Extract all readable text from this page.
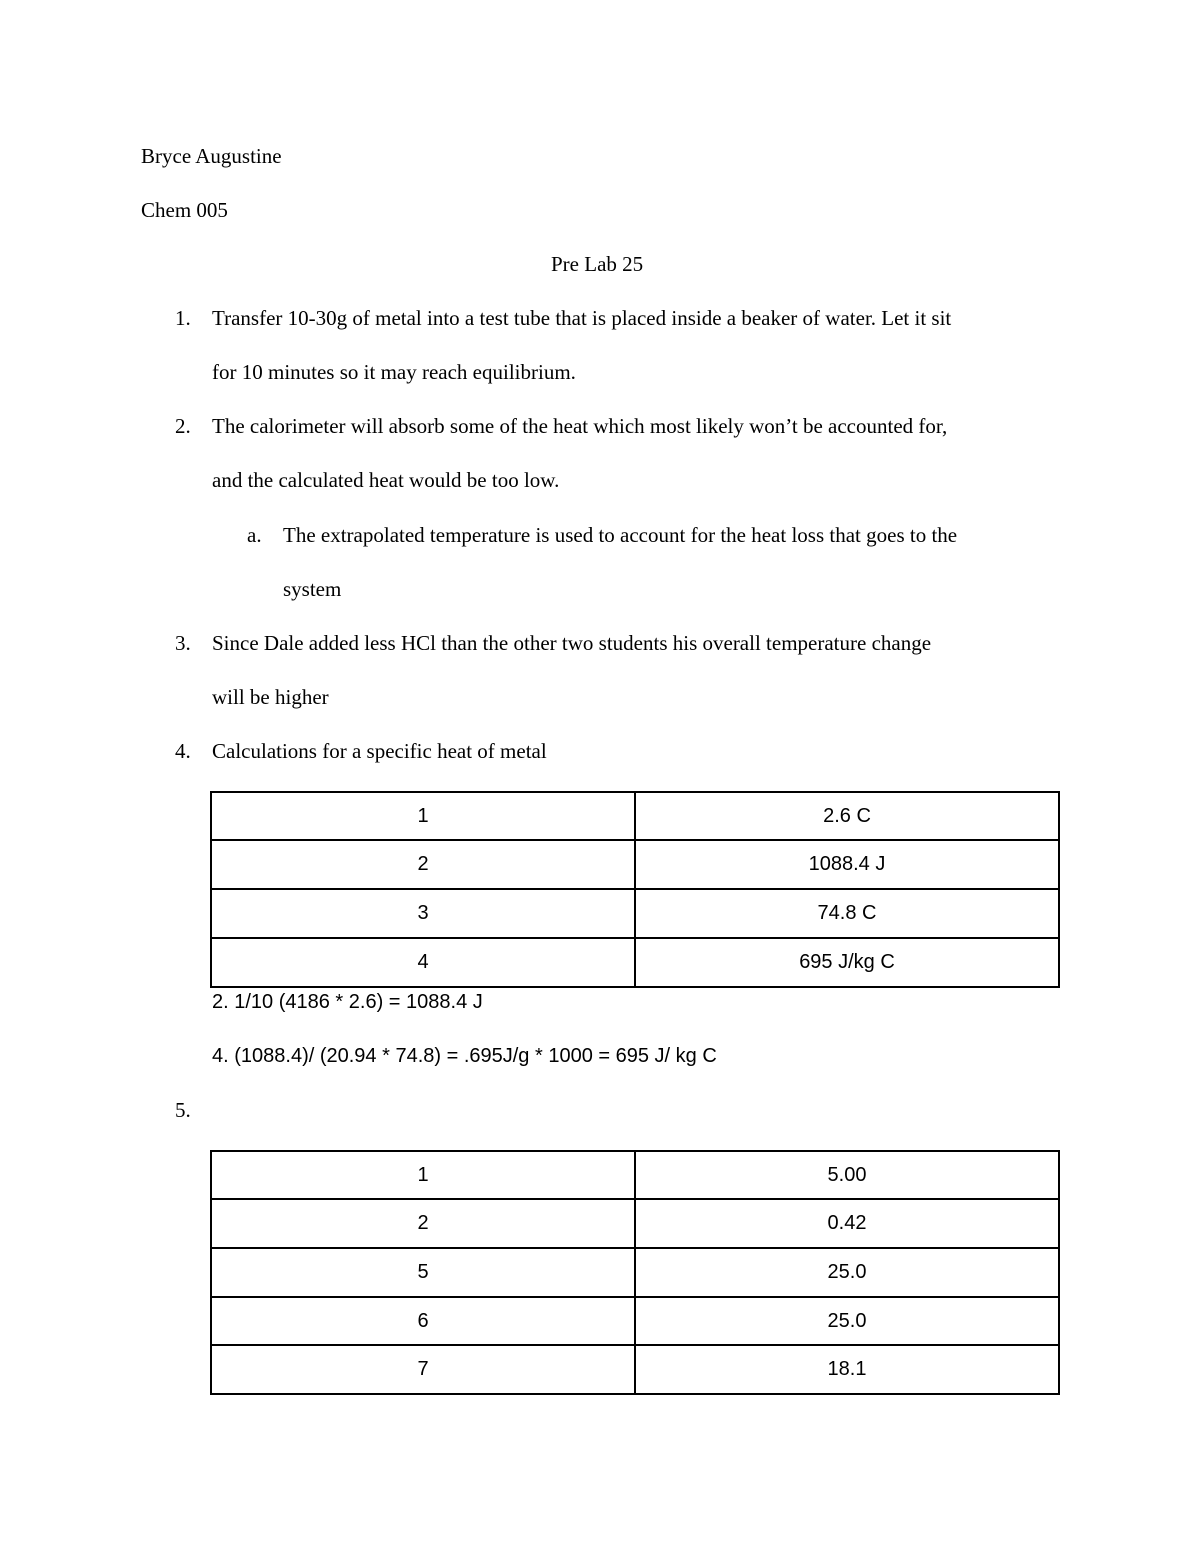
Bryce Augustine
Chem 005
Pre Lab 25
1. Transfer 10-30g of metal into a test tube that is placed inside a beaker of water. Let it sit
for 10 minutes so it may reach equilibrium.
2. The calorimeter will absorb some of the heat which most likely won’t be accounted for,
and the calculated heat would be too low.
a. The extrapolated temperature is used to account for the heat loss that goes to the
system
3. Since Dale added less HCl than the other two students his overall temperature change
will be higher
4. Calculations for a specific heat of metal
1	2.6 C
2	1088.4 J
3	74.8 C
4	695 J/kg C
2. 1/10 (4186 * 2.6) = 1088.4 J
4. (1088.4)/ (20.94 * 74.8) = .695J/g * 1000 = 695 J/ kg C
5.
1	5.00
2	0.42
5	25.0
6	25.0
7	18.1
